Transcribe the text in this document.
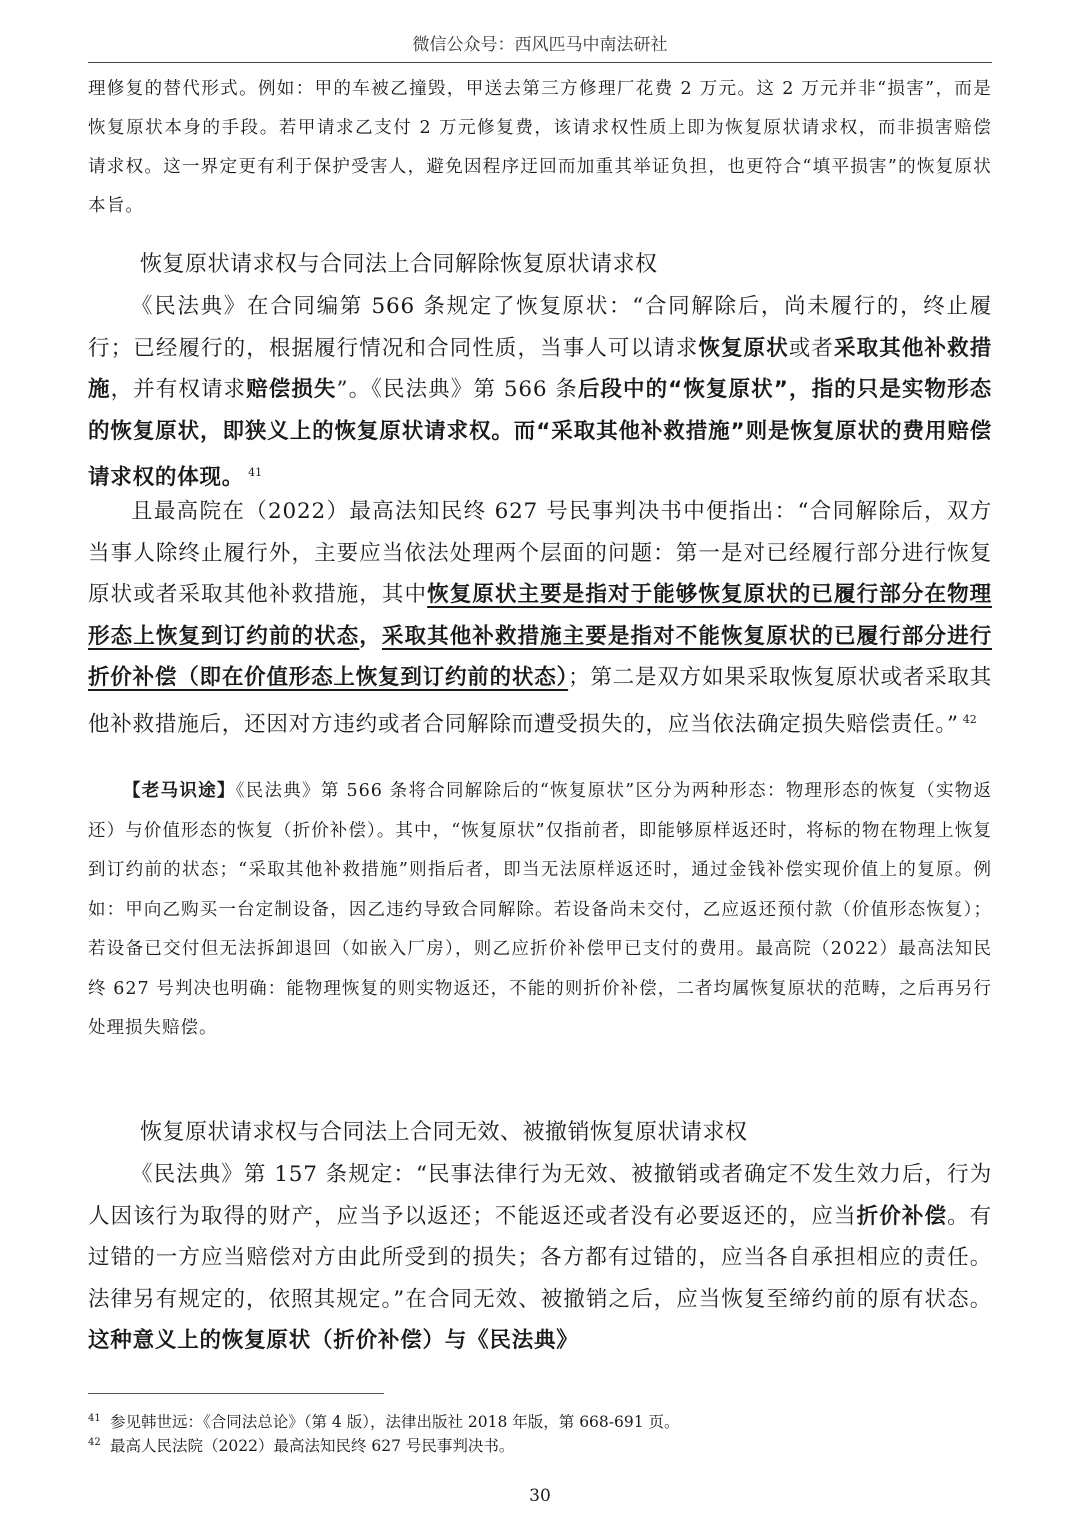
微信公众号：西风匹马中南法研社
理修复的替代形式。例如：甲的车被乙撞毁，甲送去第三方修理厂花费 2 万元。这 2 万元并非“损害”，而是恢复原状本身的手段。若甲请求乙支付 2 万元修复费，该请求权性质上即为恢复原状请求权，而非损害赔偿请求权。这一界定更有利于保护受害人，避免因程序迂回而加重其举证负担，也更符合“填平损害”的恢复原状本旨。
恢复原状请求权与合同法上合同解除恢复原状请求权
《民法典》在合同编第 566 条规定了恢复原状：“合同解除后，尚未履行的，终止履行；已经履行的，根据履行情况和合同性质，当事人可以请求恢复原状或者采取其他补救措施，并有权请求赔偿损失”。《民法典》第 566 条后段中的“恢复原状”，指的只是实物形态的恢复原状，即狭义上的恢复原状请求权。而“采取其他补救措施”则是恢复原状的费用赔偿请求权的体现。 $^{41}$
且最高院在（2022）最高法知民终 627 号民事判决书中便指出：“合同解除后，双方当事人除终止履行外，主要应当依法处理两个层面的问题：第一是对已经履行部分进行恢复原状或者采取其他补救措施，其中恢复原状主要是指对于能够恢复原状的已履行部分在物理形态上恢复到订约前的状态，采取其他补救措施主要是指对不能恢复原状的已履行部分进行折价补偿（即在价值形态上恢复到订约前的状态）；第二是双方如果采取恢复原状或者采取其他补救措施后，还因对方违约或者合同解除而遭受损失的，应当依法确定损失赔偿责任。” $^{42}$
【老马识途】《民法典》第 566 条将合同解除后的“恢复原状”区分为两种形态：物理形态的恢复（实物返还）与价值形态的恢复（折价补偿）。其中，“恢复原状”仅指前者，即能够原样返还时，将标的物在物理上恢复到订约前的状态；“采取其他补救措施”则指后者，即当无法原样返还时，通过金钱补偿实现价值上的复原。例如：甲向乙购买一台定制设备，因乙违约导致合同解除。若设备尚未交付，乙应返还预付款（价值形态恢复）；若设备已交付但无法拆卸退回（如嵌入厂房），则乙应折价补偿甲已支付的费用。最高院（2022）最高法知民终 627 号判决也明确：能物理恢复的则实物返还，不能的则折价补偿，二者均属恢复原状的范畴，之后再另行处理损失赔偿。
恢复原状请求权与合同法上合同无效、被撤销恢复原状请求权
《民法典》第 157 条规定：“民事法律行为无效、被撤销或者确定不发生效力后，行为人因该行为取得的财产，应当予以返还；不能返还或者没有必要返还的，应当折价补偿。有过错的一方应当赔偿对方由此所受到的损失；各方都有过错的，应当各自承担相应的责任。法律另有规定的，依照其规定。”在合同无效、被撤销之后，应当恢复至缔约前的原有状态。这种意义上的恢复原状（折价补偿）与《民法典》
41 参见韩世远：《合同法总论》（第 4 版），法律出版社 2018 年版，第 668-691 页。
42 最高人民法院（2022）最高法知民终 627 号民事判决书。
30
